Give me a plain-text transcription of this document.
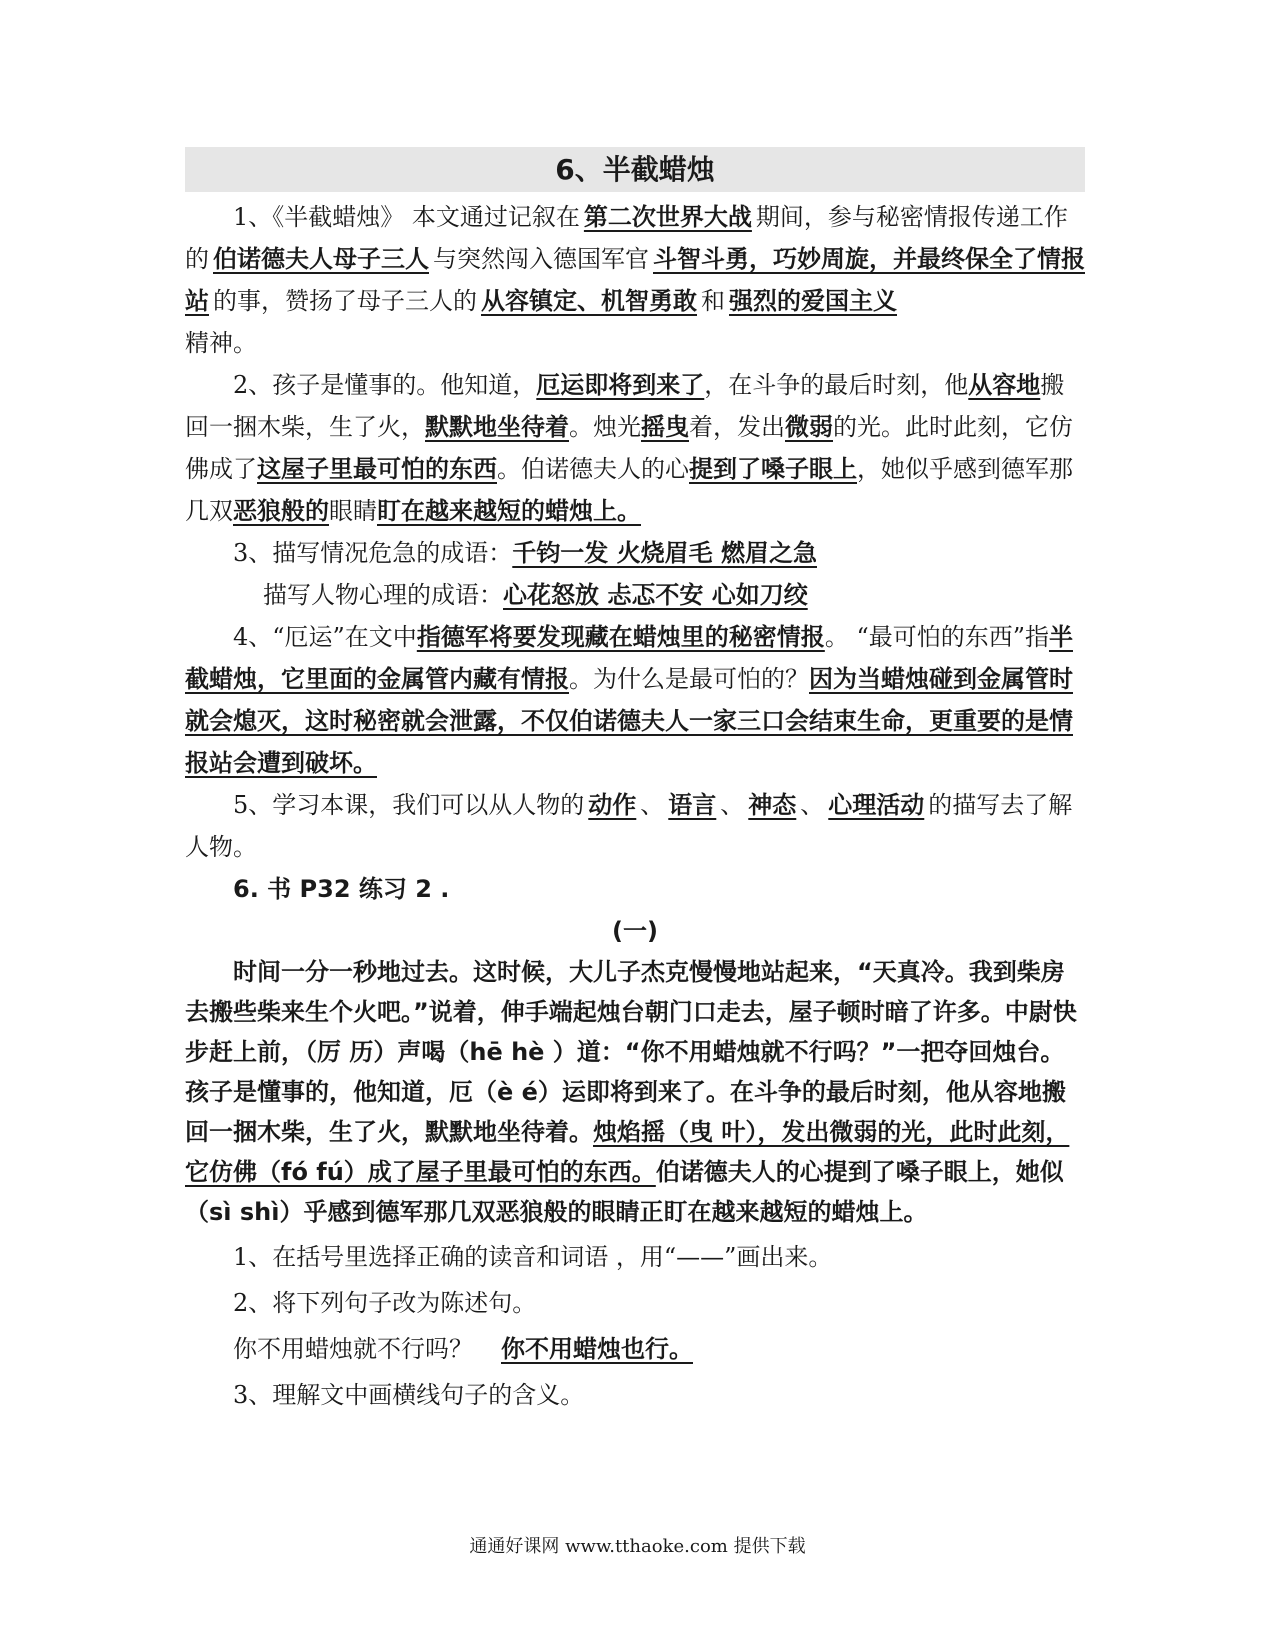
6、半截蜡烛

1、《半截蜡烛》 本文通过记叙在 第二次世界大战 期间，参与秘密情报传递工作的 伯诺德夫人母子三人 与突然闯入德国军官 斗智斗勇，巧妙周旋，并最终保全了情报站 的事，赞扬了母子三人的 从容镇定、机智勇敢 和 强烈的爱国主义
精神。

2、孩子是懂事的。他知道，厄运即将到来了，在斗争的最后时刻，他从容地搬回一捆木柴，生了火，默默地坐待着。烛光摇曳着，发出微弱的光。此时此刻，它仿佛成了这屋子里最可怕的东西。伯诺德夫人的心提到了嗓子眼上，她似乎感到德军那几双恶狼般的眼睛盯在越来越短的蜡烛上。

3、描写情况危急的成语：千钧一发 火烧眉毛 燃眉之急

描写人物心理的成语：心花怒放 忐忑不安 心如刀绞

4、“厄运”在文中指德军将要发现藏在蜡烛里的秘密情报。 “最可怕的东西”指半截蜡烛，它里面的金属管内藏有情报。为什么是最可怕的？因为当蜡烛碰到金属管时就会熄灭，这时秘密就会泄露，不仅伯诺德夫人一家三口会结束生命，更重要的是情报站会遭到破坏。

5、学习本课，我们可以从人物的 动作 、 语言 、 神态 、 心理活动 的描写去了解人物。

6. 书 P32 练习 2 .

(一)

时间一分一秒地过去。这时候，大儿子杰克慢慢地站起来，“天真冷。我到柴房去搬些柴来生个火吧。”说着，伸手端起烛台朝门口走去，屋子顿时暗了许多。中尉快步赶上前，（厉 历）声喝（hē hè ）道：“你不用蜡烛就不行吗？”一把夺回烛台。孩子是懂事的，他知道，厄（è é）运即将到来了。在斗争的最后时刻，他从容地搬回一捆木柴，生了火，默默地坐待着。烛焰摇（曳 叶），发出微弱的光，此时此刻，它仿佛（fó fú）成了屋子里最可怕的东西。伯诺德夫人的心提到了嗓子眼上，她似（sì shì）乎感到德军那几双恶狼般的眼睛正盯在越来越短的蜡烛上。

1、在括号里选择正确的读音和词语 ，用“——”画出来。

2、将下列句子改为陈述句。

你不用蜡烛就不行吗？ 你不用蜡烛也行。

3、理解文中画横线句子的含义。

通通好课网 www.tthaoke.com 提供下载
